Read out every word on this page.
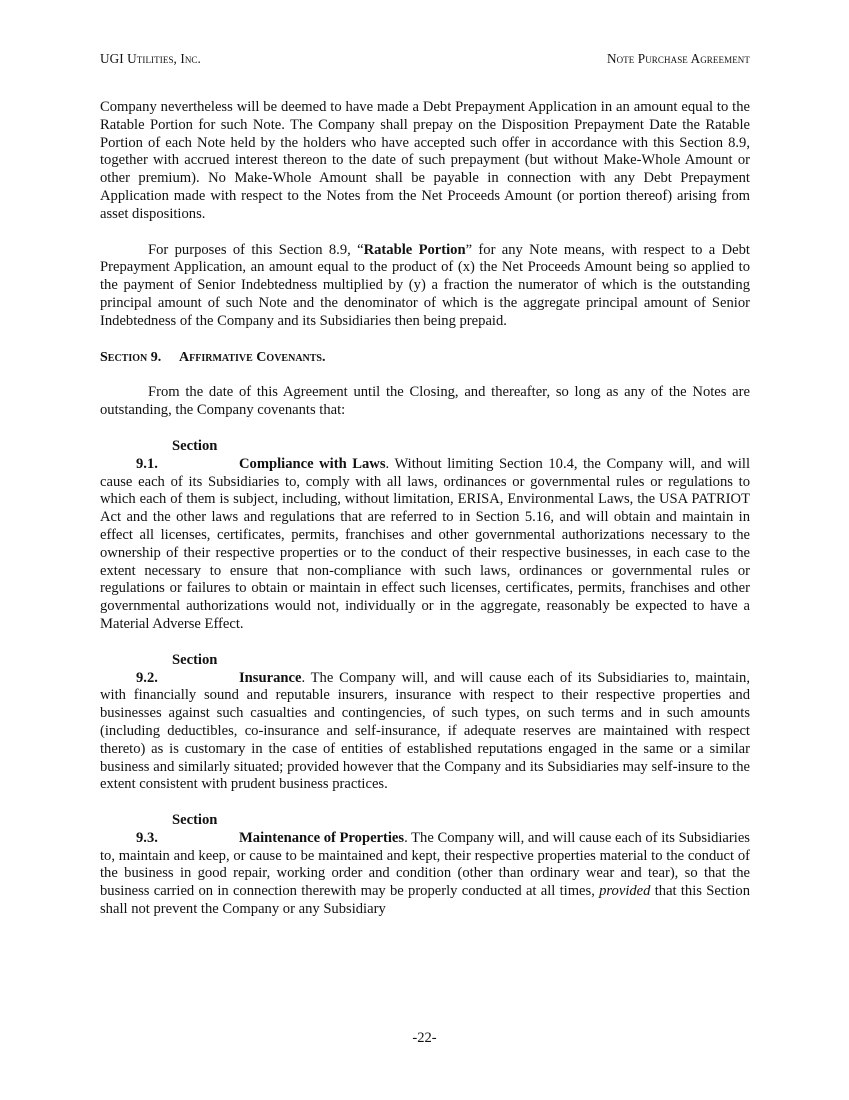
UGI Utilities, Inc.	Note Purchase Agreement

Company nevertheless will be deemed to have made a Debt Prepayment Application in an amount equal to the Ratable Portion for such Note. The Company shall prepay on the Disposition Prepayment Date the Ratable Portion of each Note held by the holders who have accepted such offer in accordance with this Section 8.9, together with accrued interest thereon to the date of such prepayment (but without Make-Whole Amount or other premium). No Make-Whole Amount shall be payable in connection with any Debt Prepayment Application made with respect to the Notes from the Net Proceeds Amount (or portion thereof) arising from asset dispositions.

For purposes of this Section 8.9, “Ratable Portion” for any Note means, with respect to a Debt Prepayment Application, an amount equal to the product of (x) the Net Proceeds Amount being so applied to the payment of Senior Indebtedness multiplied by (y) a fraction the numerator of which is the outstanding principal amount of such Note and the denominator of which is the aggregate principal amount of Senior Indebtedness of the Company and its Subsidiaries then being prepaid.

Section 9. Affirmative Covenants.

From the date of this Agreement until the Closing, and thereafter, so long as any of the Notes are outstanding, the Company covenants that:

Section 9.1.	Compliance with Laws. Without limiting Section 10.4, the Company will, and will cause each of its Subsidiaries to, comply with all laws, ordinances or governmental rules or regulations to which each of them is subject, including, without limitation, ERISA, Environmental Laws, the USA PATRIOT Act and the other laws and regulations that are referred to in Section 5.16, and will obtain and maintain in effect all licenses, certificates, permits, franchises and other governmental authorizations necessary to the ownership of their respective properties or to the conduct of their respective businesses, in each case to the extent necessary to ensure that non-compliance with such laws, ordinances or governmental rules or regulations or failures to obtain or maintain in effect such licenses, certificates, permits, franchises and other governmental authorizations would not, individually or in the aggregate, reasonably be expected to have a Material Adverse Effect.

Section 9.2.	Insurance. The Company will, and will cause each of its Subsidiaries to, maintain, with financially sound and reputable insurers, insurance with respect to their respective properties and businesses against such casualties and contingencies, of such types, on such terms and in such amounts (including deductibles, co-insurance and self-insurance, if adequate reserves are maintained with respect thereto) as is customary in the case of entities of established reputations engaged in the same or a similar business and similarly situated; provided however that the Company and its Subsidiaries may self-insure to the extent consistent with prudent business practices.

Section 9.3.	Maintenance of Properties. The Company will, and will cause each of its Subsidiaries to, maintain and keep, or cause to be maintained and kept, their respective properties material to the conduct of the business in good repair, working order and condition (other than ordinary wear and tear), so that the business carried on in connection therewith may be properly conducted at all times, provided that this Section shall not prevent the Company or any Subsidiary

-22-
